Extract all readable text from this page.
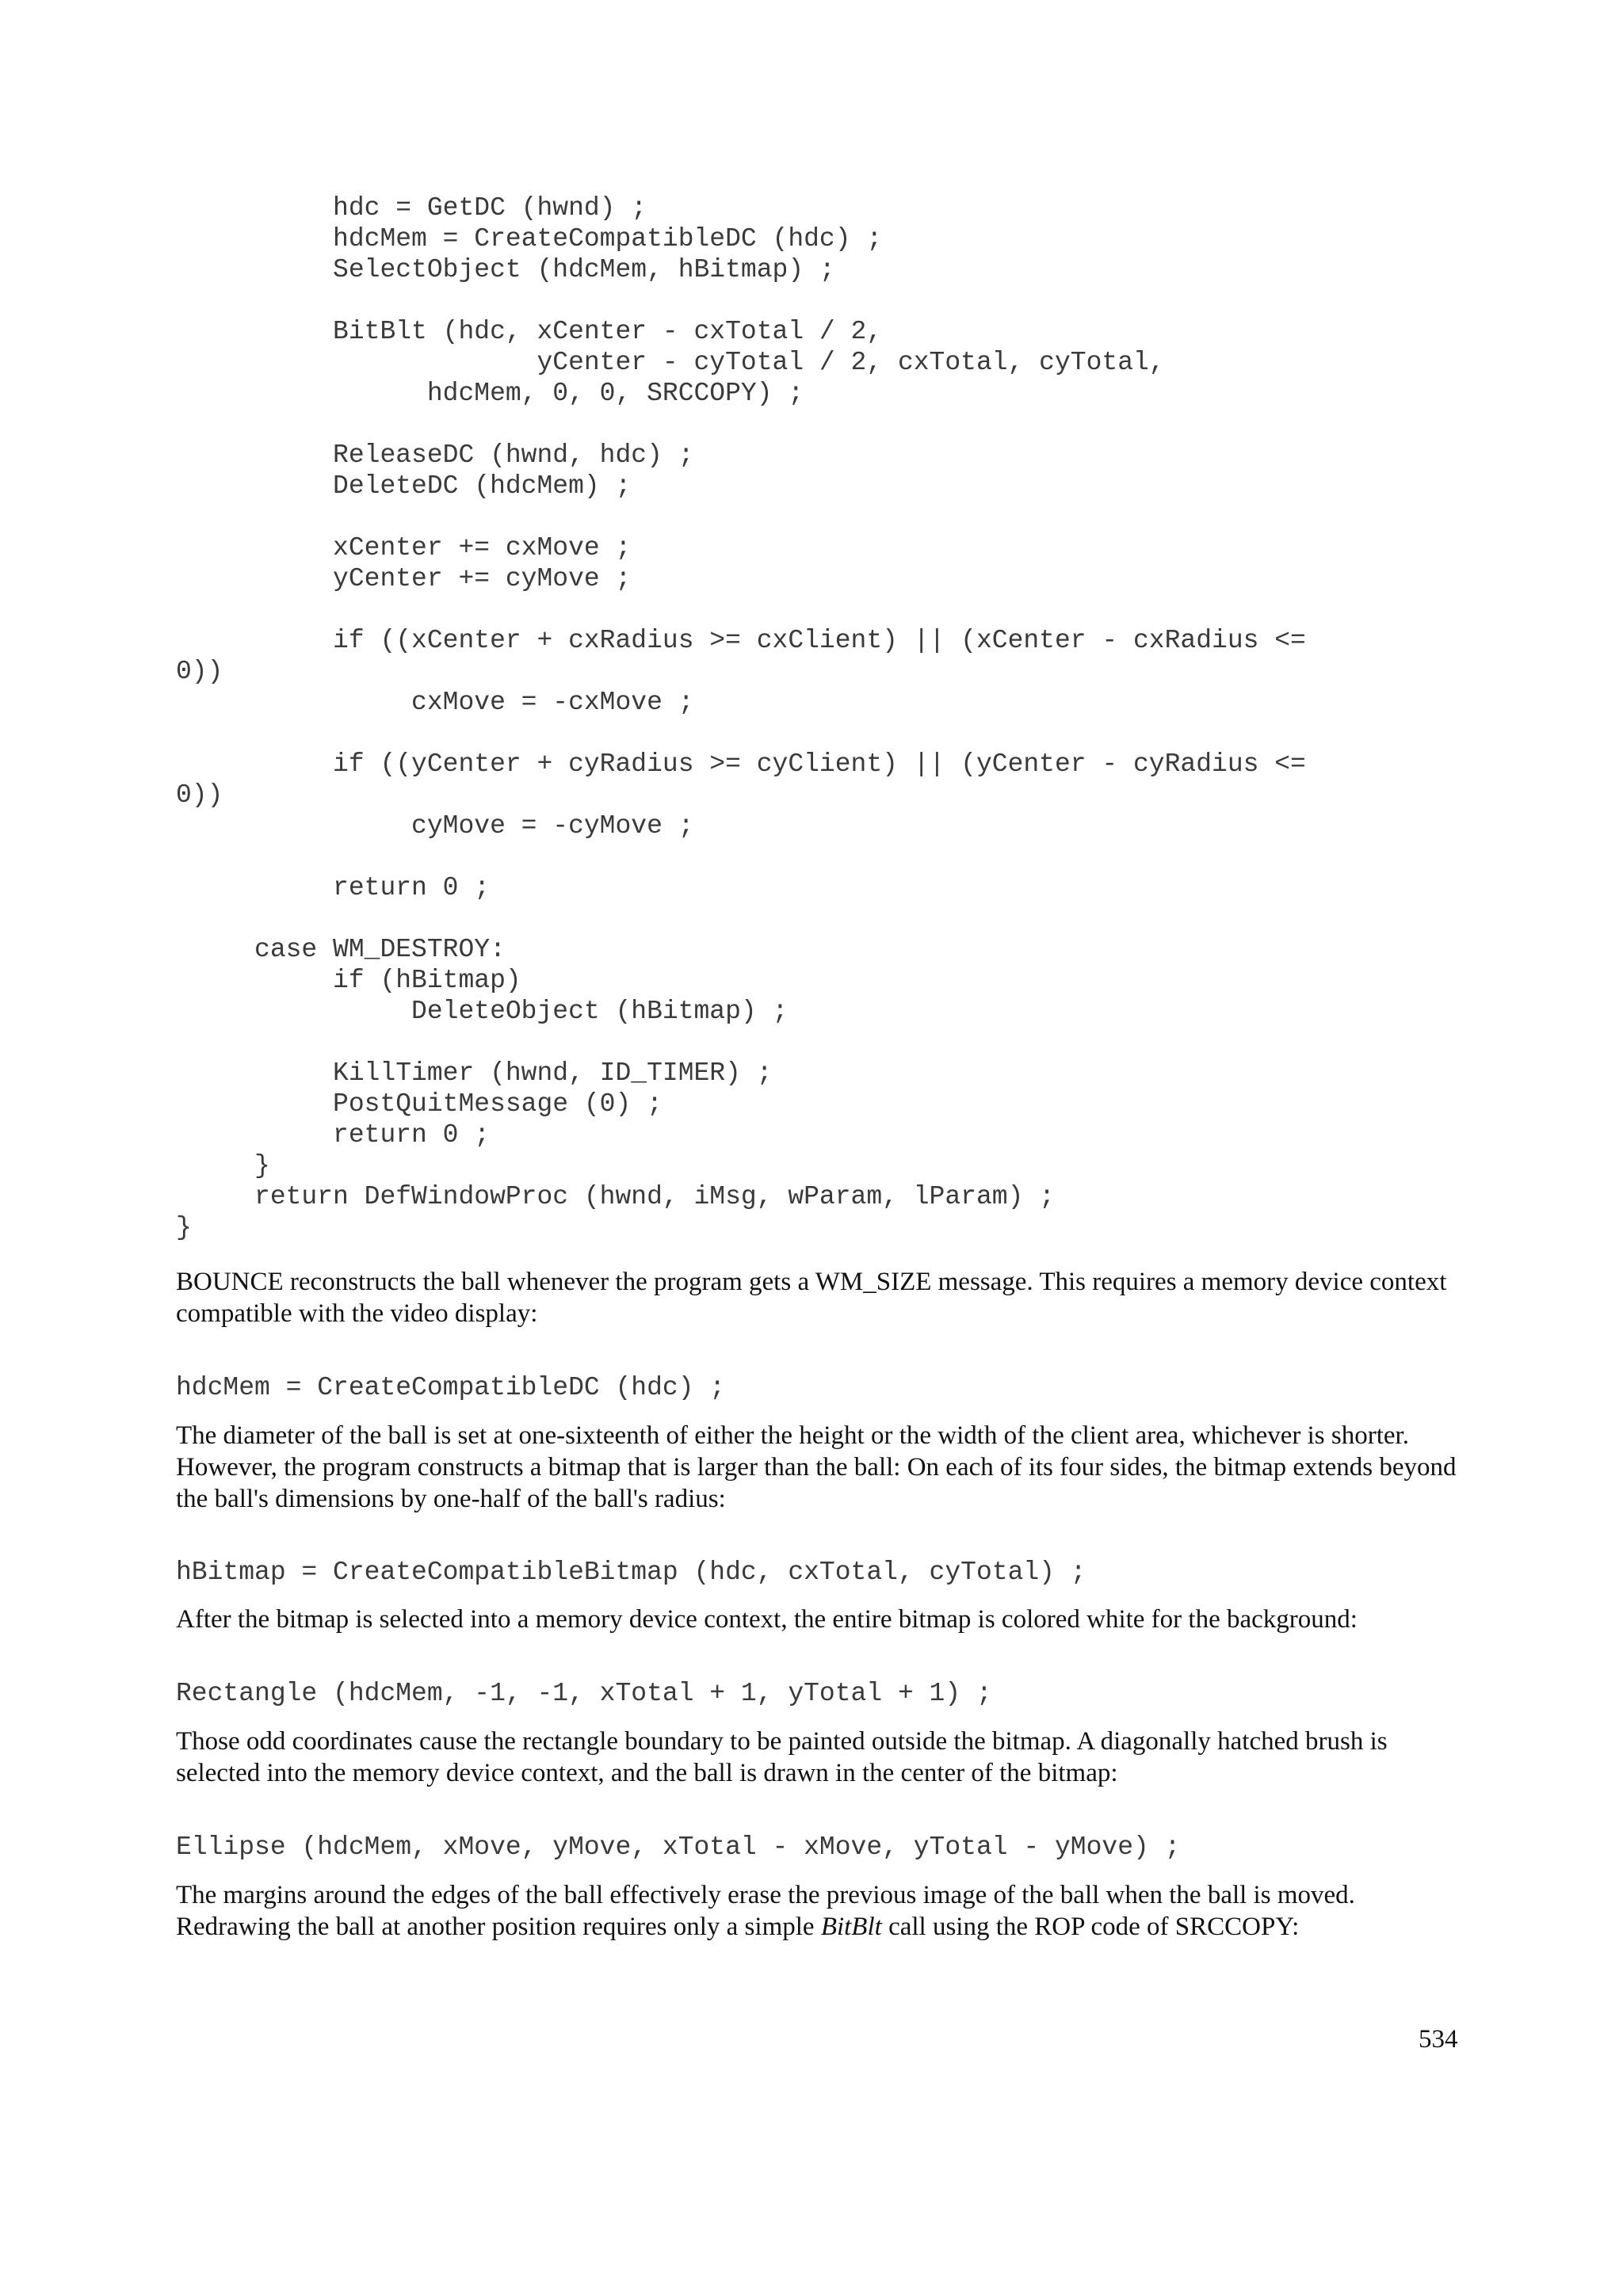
hdc = GetDC (hwnd) ;
hdcMem = CreateCompatibleDC (hdc) ;
SelectObject (hdcMem, hBitmap) ;

BitBlt (hdc, xCenter - cxTotal / 2,
yCenter - cyTotal / 2, cxTotal, cyTotal,
hdcMem, 0, 0, SRCCOPY) ;

ReleaseDC (hwnd, hdc) ;
DeleteDC (hdcMem) ;

xCenter += cxMove ;
yCenter += cyMove ;

if ((xCenter + cxRadius >= cxClient) || (xCenter - cxRadius <=
0))
cxMove = -cxMove ;

if ((yCenter + cyRadius >= cyClient) || (yCenter - cyRadius <=
0))
cyMove = -cyMove ;

return 0 ;

case WM_DESTROY:
if (hBitmap)
DeleteObject (hBitmap) ;

KillTimer (hwnd, ID_TIMER) ;
PostQuitMessage (0) ;
return 0 ;
}
return DefWindowProc (hwnd, iMsg, wParam, lParam) ;
}

BOUNCE reconstructs the ball whenever the program gets a WM_SIZE message. This requires a memory device context compatible with the video display:

hdcMem = CreateCompatibleDC (hdc) ;

The diameter of the ball is set at one-sixteenth of either the height or the width of the client area, whichever is shorter. However, the program constructs a bitmap that is larger than the ball: On each of its four sides, the bitmap extends beyond the ball's dimensions by one-half of the ball's radius:

hBitmap = CreateCompatibleBitmap (hdc, cxTotal, cyTotal) ;

After the bitmap is selected into a memory device context, the entire bitmap is colored white for the background:

Rectangle (hdcMem, -1, -1, xTotal + 1, yTotal + 1) ;

Those odd coordinates cause the rectangle boundary to be painted outside the bitmap. A diagonally hatched brush is selected into the memory device context, and the ball is drawn in the center of the bitmap:

Ellipse (hdcMem, xMove, yMove, xTotal - xMove, yTotal - yMove) ;

The margins around the edges of the ball effectively erase the previous image of the ball when the ball is moved. Redrawing the ball at another position requires only a simple BitBlt call using the ROP code of SRCCOPY:

534
